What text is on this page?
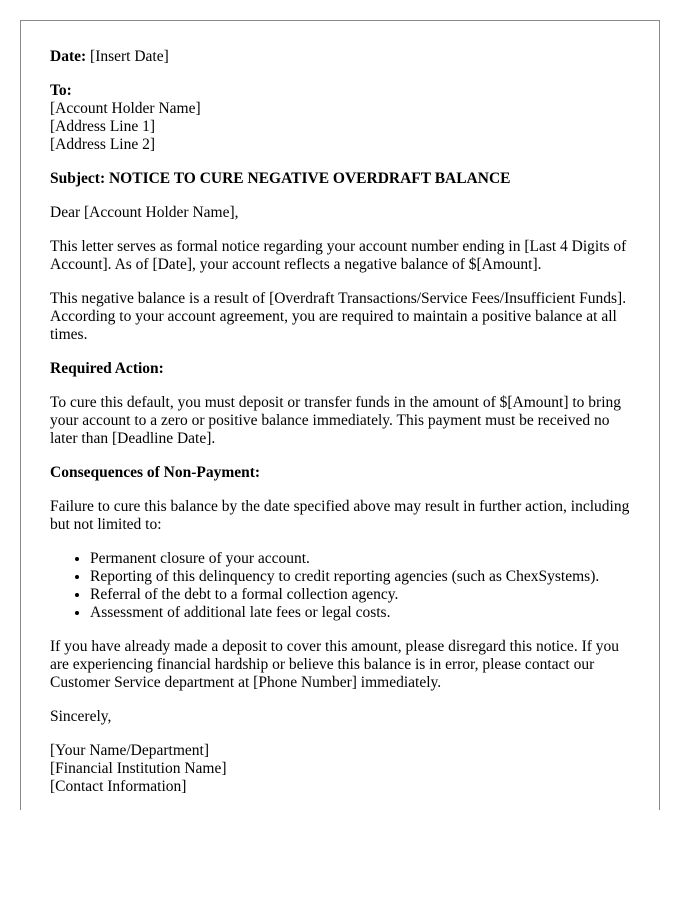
Date: [Insert Date]

To:
[Account Holder Name]
[Address Line 1]
[Address Line 2]

Subject: NOTICE TO CURE NEGATIVE OVERDRAFT BALANCE

Dear [Account Holder Name],

This letter serves as formal notice regarding your account number ending in [Last 4 Digits of Account]. As of [Date], your account reflects a negative balance of $[Amount].

This negative balance is a result of [Overdraft Transactions/Service Fees/Insufficient Funds]. According to your account agreement, you are required to maintain a positive balance at all times.

Required Action:

To cure this default, you must deposit or transfer funds in the amount of $[Amount] to bring your account to a zero or positive balance immediately. This payment must be received no later than [Deadline Date].

Consequences of Non-Payment:

Failure to cure this balance by the date specified above may result in further action, including but not limited to:

• Permanent closure of your account.
• Reporting of this delinquency to credit reporting agencies (such as ChexSystems).
• Referral of the debt to a formal collection agency.
• Assessment of additional late fees or legal costs.

If you have already made a deposit to cover this amount, please disregard this notice. If you are experiencing financial hardship or believe this balance is in error, please contact our Customer Service department at [Phone Number] immediately.

Sincerely,

[Your Name/Department]
[Financial Institution Name]
[Contact Information]
